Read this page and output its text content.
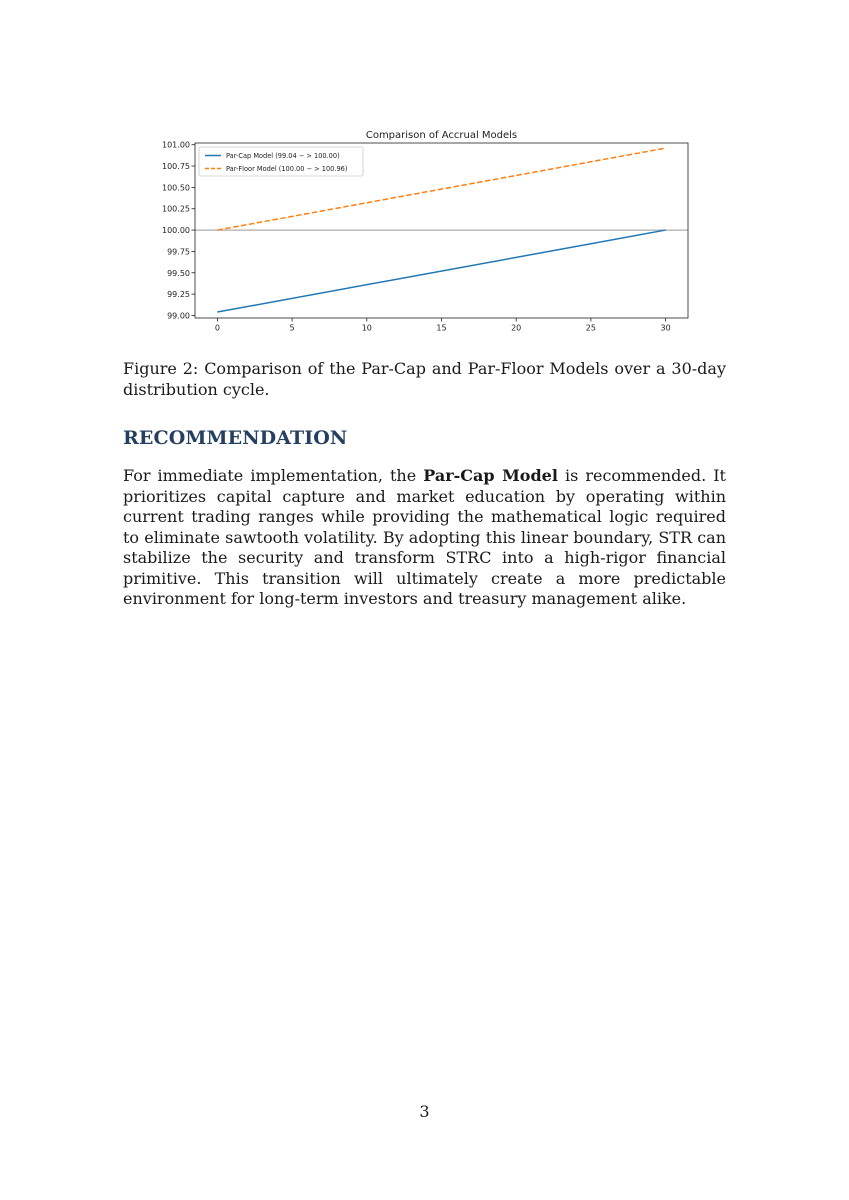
Comparison of Accrual Models
0	5	10	15	20	25	30
99.00
99.25
99.50
99.75
100.00
100.25
100.50
100.75
101.00
Par-Cap Model (99.04 − > 100.00)
Par-Floor Model (100.00 − > 100.96)
Figure 2: Comparison of the Par-Cap and Par-Floor Models over a 30-day distribution cycle.
RECOMMENDATION

For immediate implementation, the Par-Cap Model is recommended. It prioritizes capital capture and market education by operating within current trading ranges while providing the mathematical logic required to eliminate sawtooth volatility. By adopting this linear boundary, STR can stabilize the security and transform STRC into a high-rigor financial primitive. This transition will ultimately create a more predictable environment for long-term investors and treasury management alike.

3
